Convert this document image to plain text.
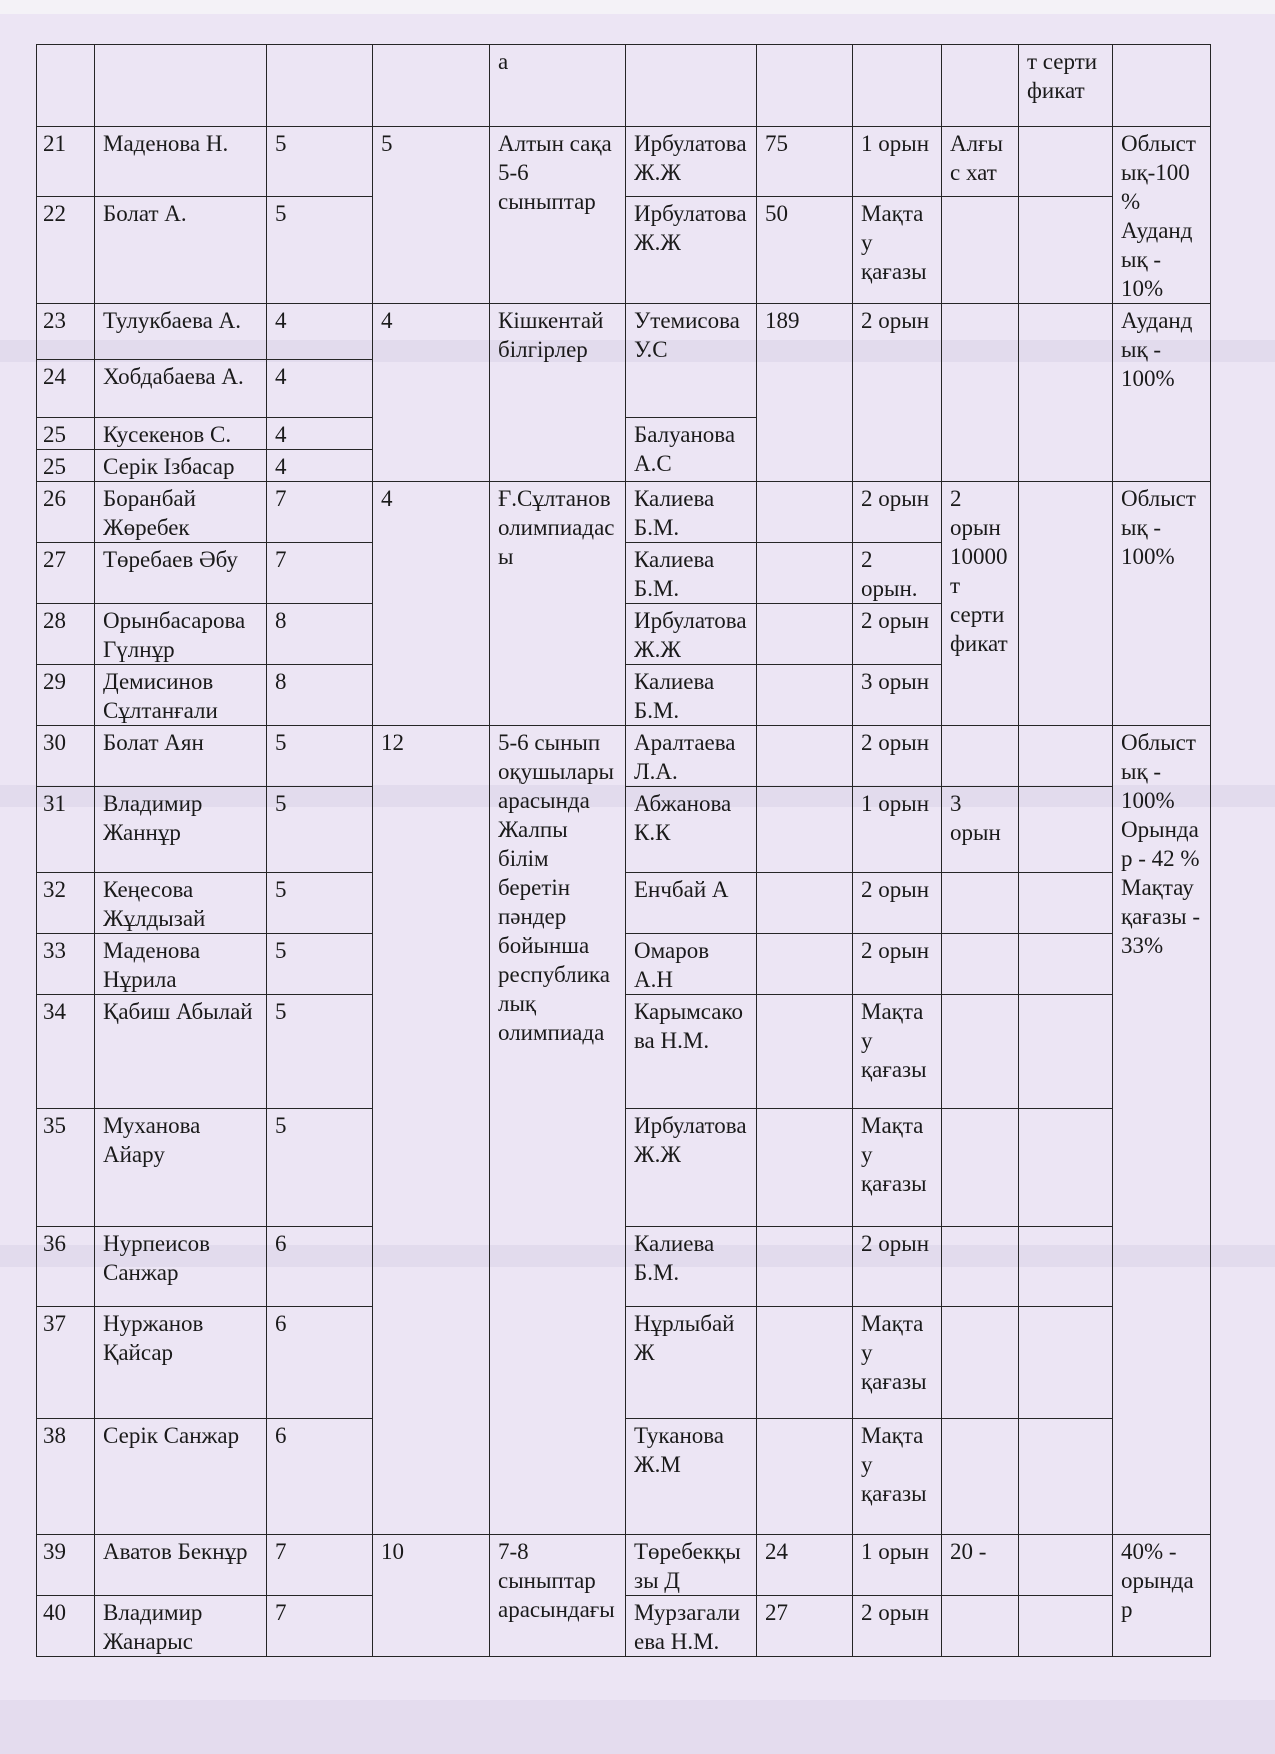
				а					т серти фикат	
21	Маденова Н.	5	5	Алтын сақа 5-6 сыныптар	Ирбулатова Ж.Ж	75	1 орын	Алғыс хат		Облыстық-100% Аудандық - 10%
22	Болат А.	5			Ирбулатова Ж.Ж	50	Мақтау қағазы			
23	Тулукбаева А.	4	4	Кішкентай білгірлер	Утемисова У.С	189	2 орын			Аудандық - 100%
24	Хобдабаева А.	4								
25	Кусекенов С.	4			Балуанова А.С					
25	Серік Ізбасар	4								
26	Боранбай Жөребек	7	4	Ғ.Сұлтанов олимпиадасы	Калиева Б.М.		2 орын	2 орын 10000 т сертификат		Облыстық - 100%
27	Төребаев Әбу	7			Калиева Б.М.		2 орын.			
28	Орынбасарова Гүлнұр	8			Ирбулатова Ж.Ж		2 орын			
29	Демисинов Сұлтанғали	8			Калиева Б.М.		3 орын			
30	Болат Аян	5	12	5-6 сынып оқушылары арасында Жалпы білім беретін пәндер бойынша республикалық олимпиада	Аралтаева Л.А.		2 орын			Облыстық - 100% Орындар - 42 % Мақтау қағазы - 33%
31	Владимир Жаннұр	5			Абжанова К.К		1 орын	3 орын		
32	Кеңесова Жұлдызай	5			Енчбай А		2 орын			
33	Маденова Нұрила	5			Омаров А.Н		2 орын			
34	Қабиш Абылай	5			Карымсакова Н.М.		Мақтау қағазы			
35	Муханова Айару	5			Ирбулатова Ж.Ж		Мақтау қағазы			
36	Нурпеисов Санжар	6			Калиева Б.М.		2 орын			
37	Нуржанов Қайсар	6			Нұрлыбай Ж		Мақтау қағазы			
38	Серік Санжар	6			Туканова Ж.М		Мақтау қағазы			
39	Аватов Бекнұр	7	10	7-8 сыныптар арасындағы	Төребекқызы Д	24	1 орын	20 -		40% - орындар
40	Владимир Жанарыс	7			Мурзагалиева Н.М.	27	2 орын			
